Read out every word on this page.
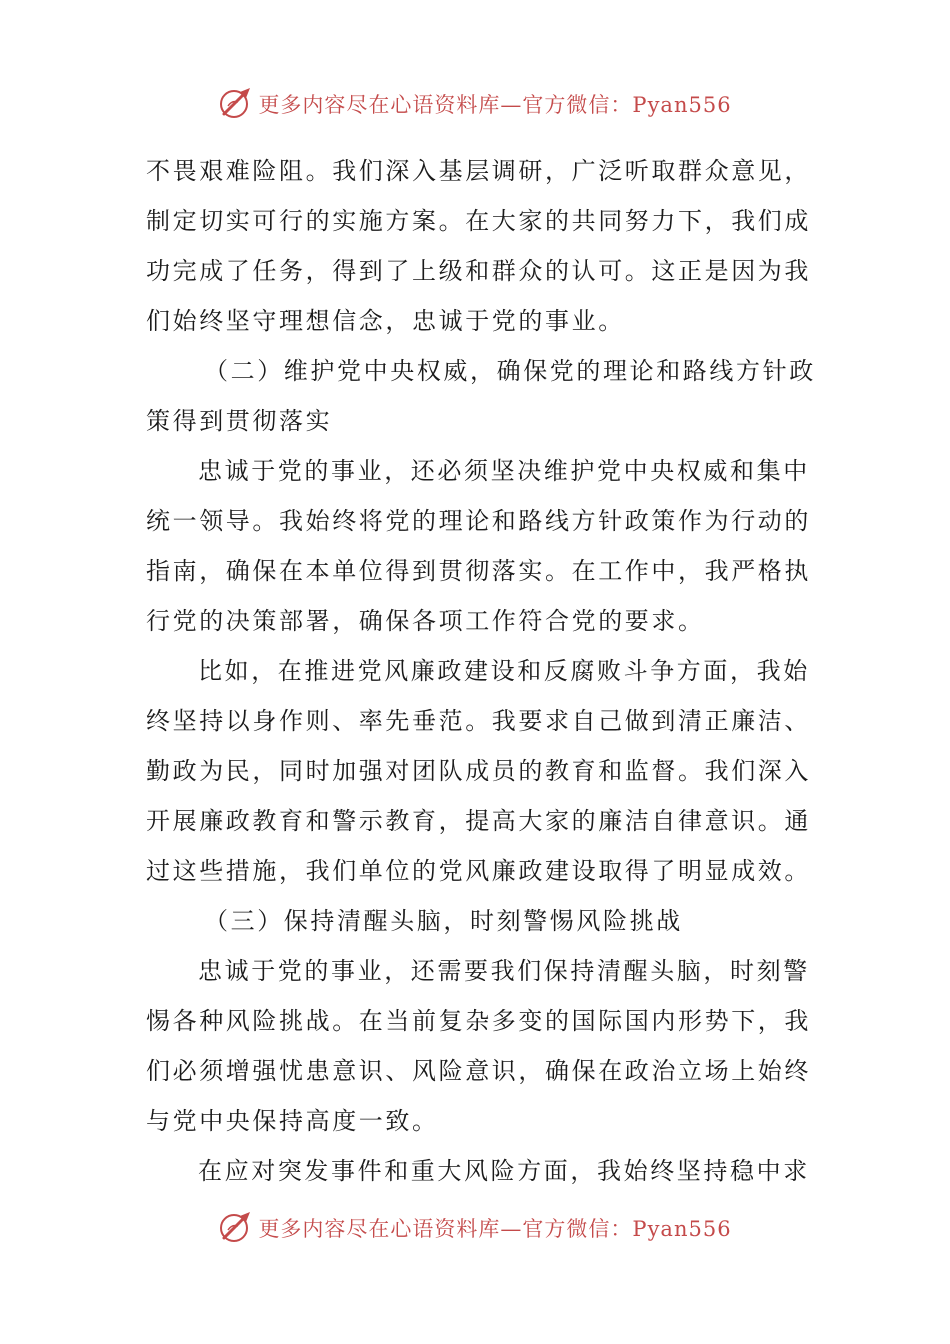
更多内容尽在心语资料库—官方微信：Pyan556
不畏艰难险阻。我们深入基层调研，广泛听取群众意见，
制定切实可行的实施方案。在大家的共同努力下，我们成
功完成了任务，得到了上级和群众的认可。这正是因为我
们始终坚守理想信念，忠诚于党的事业。
（二）维护党中央权威，确保党的理论和路线方针政
策得到贯彻落实
忠诚于党的事业，还必须坚决维护党中央权威和集中
统一领导。我始终将党的理论和路线方针政策作为行动的
指南，确保在本单位得到贯彻落实。在工作中，我严格执
行党的决策部署，确保各项工作符合党的要求。
比如，在推进党风廉政建设和反腐败斗争方面，我始
终坚持以身作则、率先垂范。我要求自己做到清正廉洁、
勤政为民，同时加强对团队成员的教育和监督。我们深入
开展廉政教育和警示教育，提高大家的廉洁自律意识。通
过这些措施，我们单位的党风廉政建设取得了明显成效。
（三）保持清醒头脑，时刻警惕风险挑战
忠诚于党的事业，还需要我们保持清醒头脑，时刻警
惕各种风险挑战。在当前复杂多变的国际国内形势下，我
们必须增强忧患意识、风险意识，确保在政治立场上始终
与党中央保持高度一致。
在应对突发事件和重大风险方面，我始终坚持稳中求
更多内容尽在心语资料库—官方微信：Pyan556
